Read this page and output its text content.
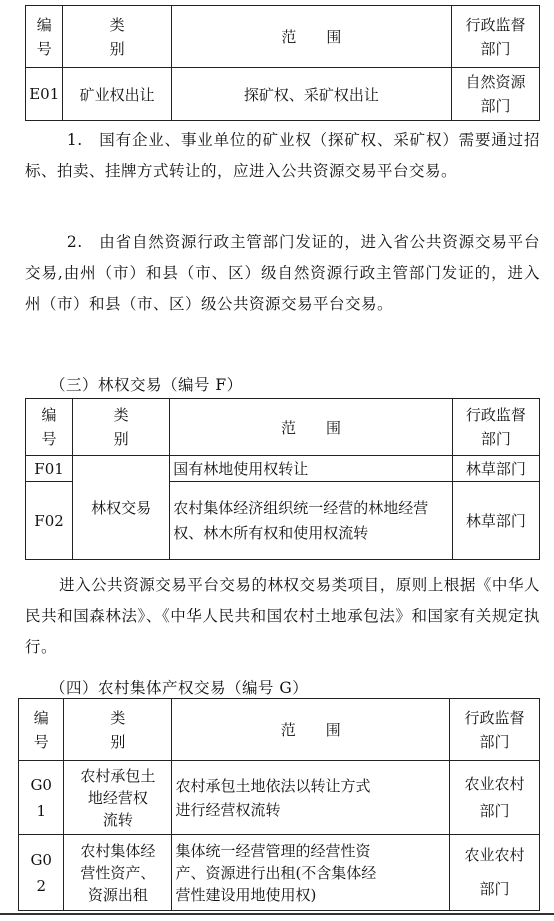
编
号	类
别	范　　围	行政监督
部门
E01	矿业权出让	探矿权、采矿权出让	自然资源
部门
1.　国有企业、事业单位的矿业权（探矿权、采矿权）需要通过招标、拍卖、挂牌方式转让的，应进入公共资源交易平台交易。
2.　由省自然资源行政主管部门发证的，进入省公共资源交易平台交易,由州（市）和县（市、区）级自然资源行政主管部门发证的，进入州（市）和县（市、区）级公共资源交易平台交易。
（三）林权交易（编号 F）
编
号	类
别	范　　围	行政监督
部门
F01	林权交易	国有林地使用权转让	林草部门
F02		农村集体经济组织统一经营的林地经营权、林木所有权和使用权流转	林草部门
进入公共资源交易平台交易的林权交易类项目，原则上根据《中华人民共和国森林法》、《中华人民共和国农村土地承包法》和国家有关规定执行。
（四）农村集体产权交易（编号 G）
编
号	类
别	范　　围	行政监督
部门
G0
1	农村承包土
地经营权
流转	农村承包土地依法以转让方式
进行经营权流转	农业农村
部门
G0
2	农村集体经
营性资产、
资源出租	集体统一经营管理的经营性资
产、资源进行出租(不含集体经
营性建设用地使用权)	农业农村

部门
